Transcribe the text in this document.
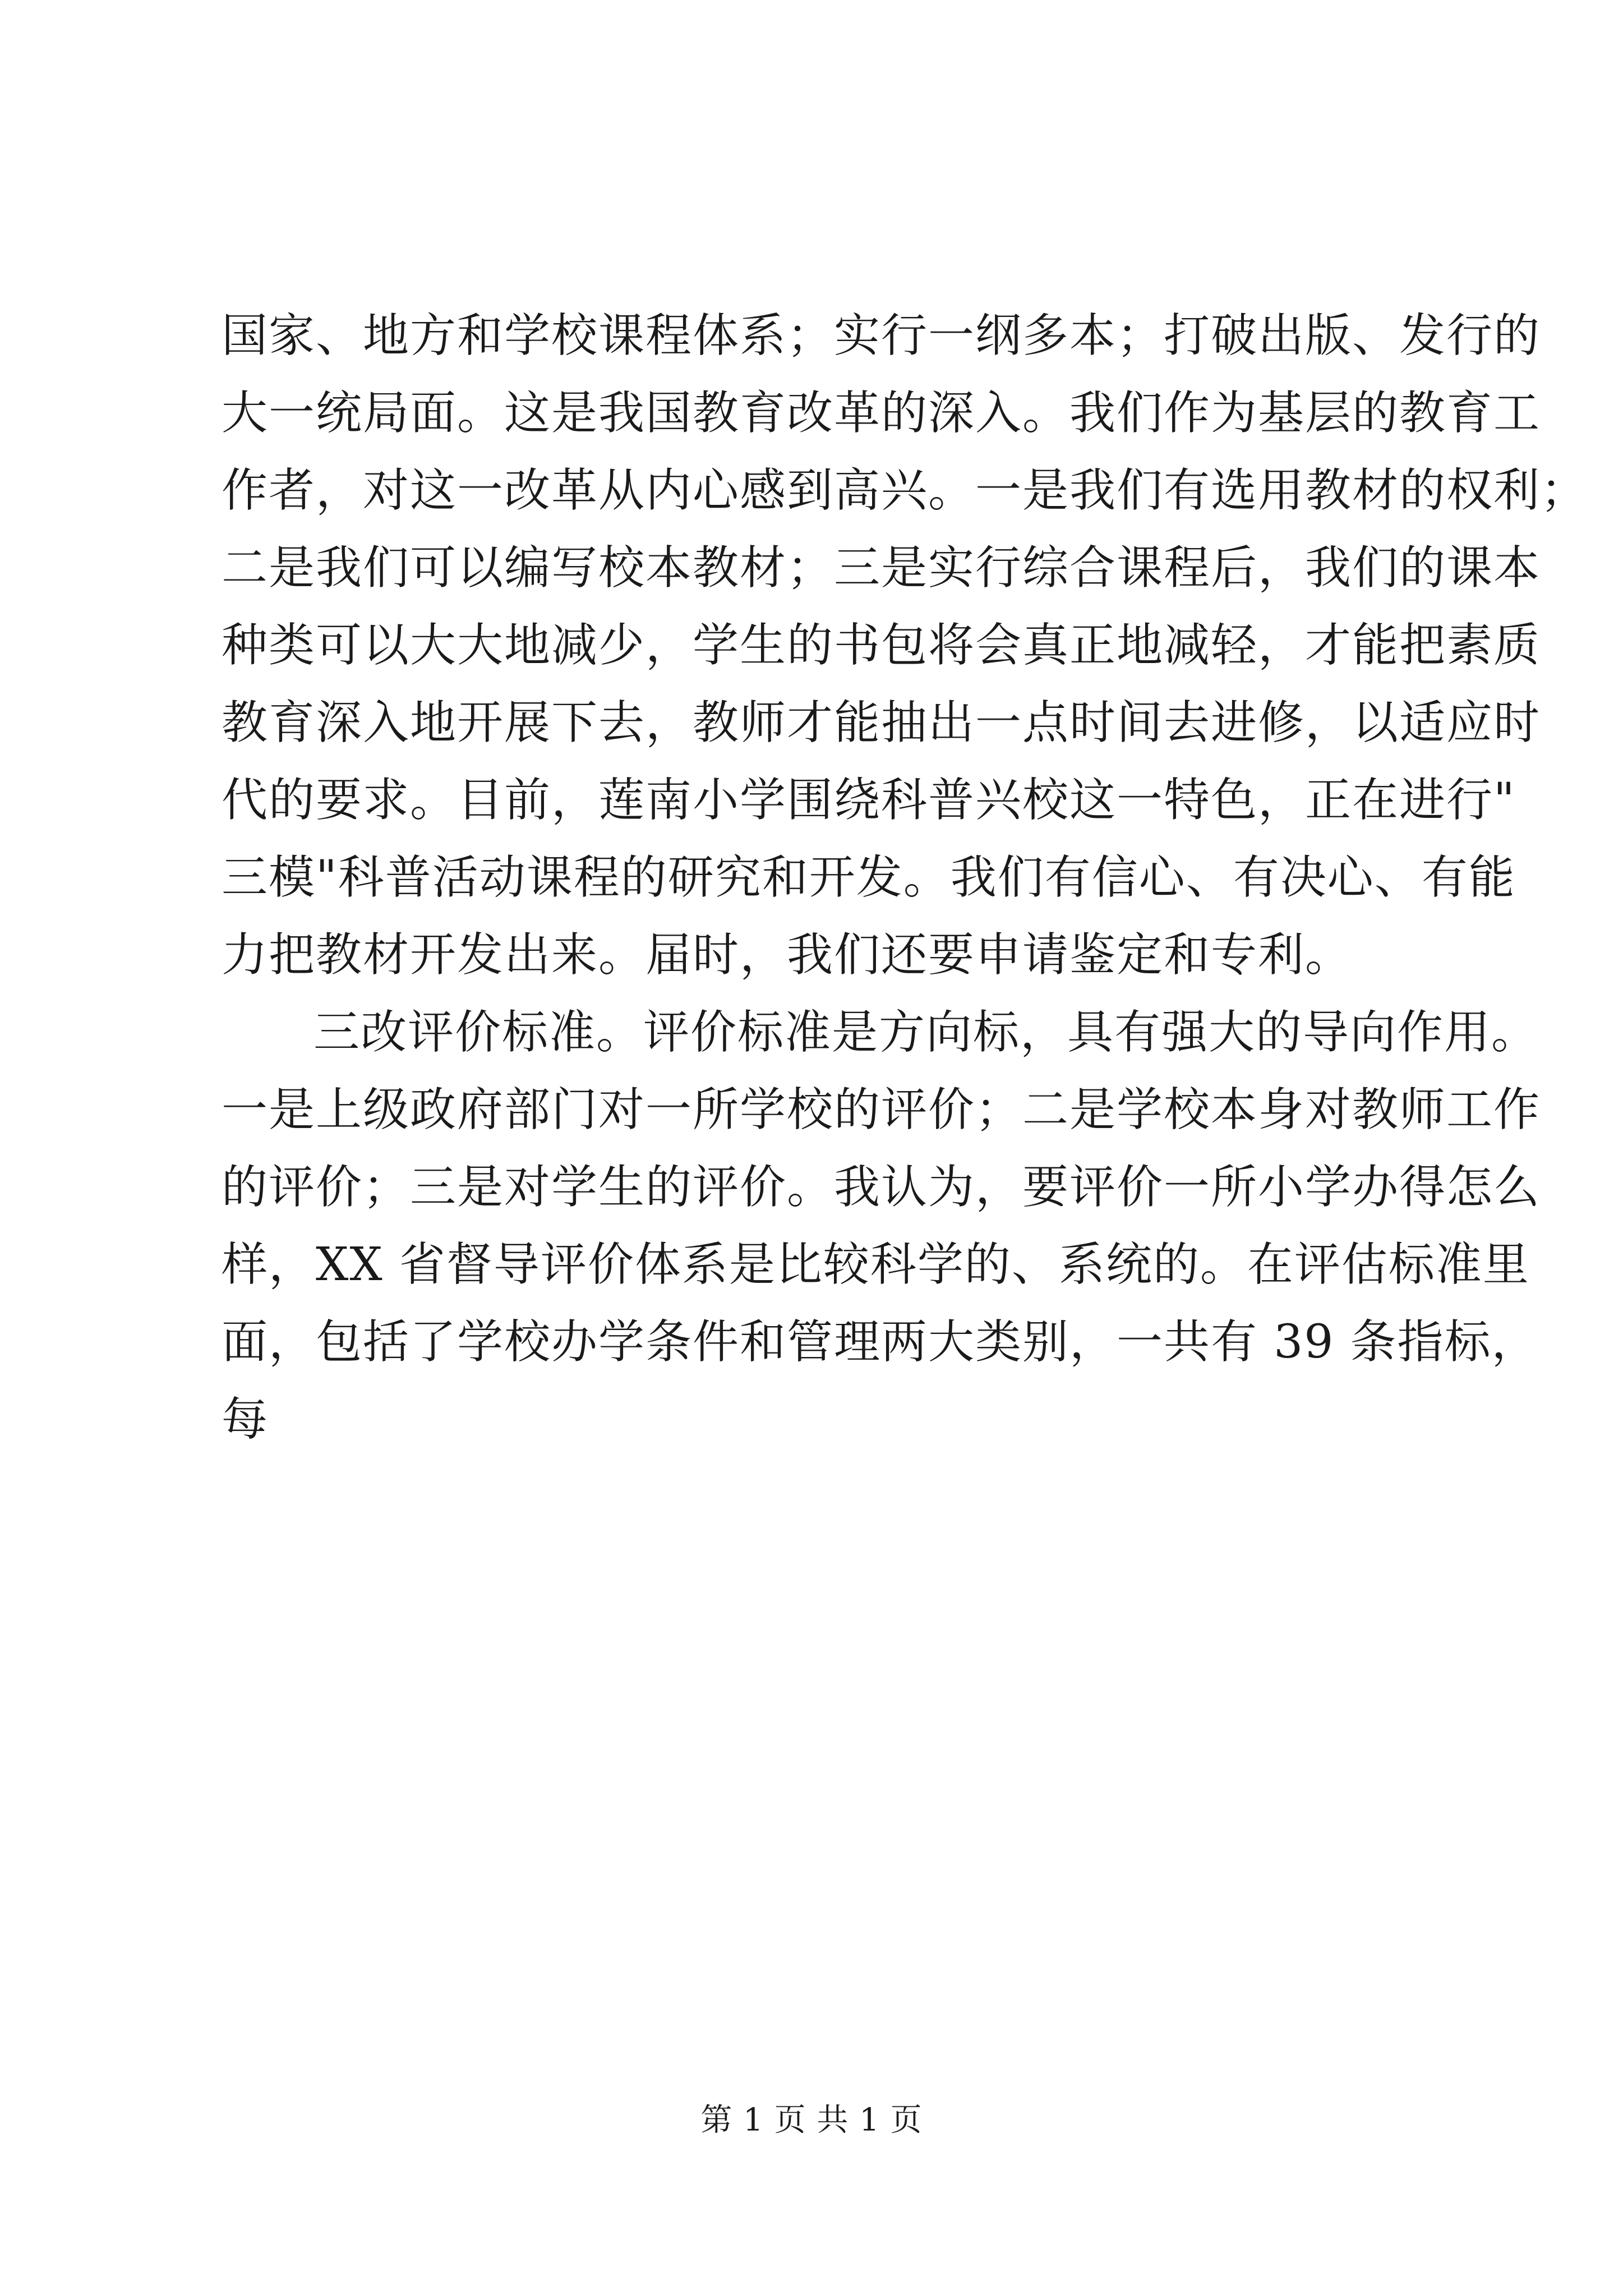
国家、地方和学校课程体系；实行一纲多本；打破出版、发行的
大一统局面。这是我国教育改革的深入。我们作为基层的教育工
作者，对这一改革从内心感到高兴。一是我们有选用教材的权利；
二是我们可以编写校本教材；三是实行综合课程后，我们的课本
种类可以大大地减少，学生的书包将会真正地减轻，才能把素质
教育深入地开展下去，教师才能抽出一点时间去进修，以适应时
代的要求。目前，莲南小学围绕科普兴校这一特色，正在进行"
三模"科普活动课程的研究和开发。我们有信心、有决心、有能
力把教材开发出来。届时，我们还要申请鉴定和专利。
三改评价标准。评价标准是方向标，具有强大的导向作用。
一是上级政府部门对一所学校的评价；二是学校本身对教师工作
的评价；三是对学生的评价。我认为，要评价一所小学办得怎么
样，XX 省督导评价体系是比较科学的、系统的。在评估标准里
面，包括了学校办学条件和管理两大类别，一共有 39 条指标，
每
第 1 页 共 1 页
